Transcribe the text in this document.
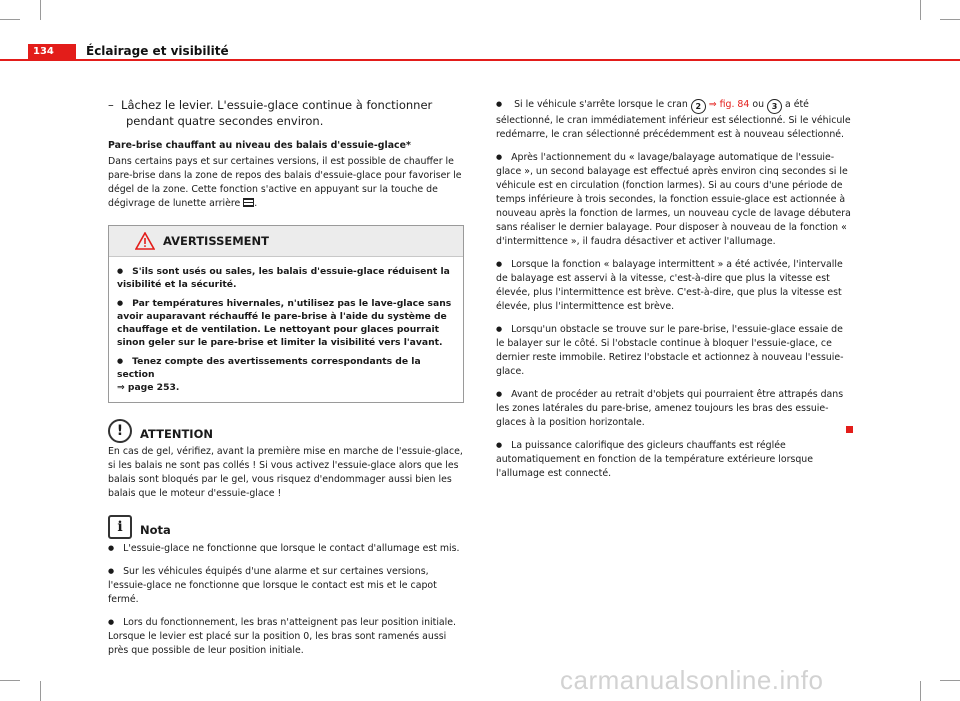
134	Éclairage et visibilité

–  Lâchez le levier. L'essuie-glace continue à fonctionner pendant quatre secondes environ.

Pare-brise chauffant au niveau des balais d'essuie-glace*

Dans certains pays et sur certaines versions, il est possible de chauffer le pare-brise dans la zone de repos des balais d'essuie-glace pour favoriser le dégel de la zone. Cette fonction s'active en appuyant sur la touche de dégivrage de lunette arrière .

AVERTISSEMENT

● S'ils sont usés ou sales, les balais d'essuie-glace réduisent la visibilité et la sécurité.

● Par températures hivernales, n'utilisez pas le lave-glace sans avoir auparavant réchauffé le pare-brise à l'aide du système de chauffage et de ventilation. Le nettoyant pour glaces pourrait sinon geler sur le pare-brise et limiter la visibilité vers l'avant.

● Tenez compte des avertissements correspondants de la section
⇒ page 253.

!	ATTENTION

En cas de gel, vérifiez, avant la première mise en marche de l'essuie-glace, si les balais ne sont pas collés ! Si vous activez l'essuie-glace alors que les balais sont bloqués par le gel, vous risquez d'endommager aussi bien les balais que le moteur d'essuie-glace !

i	Nota

● L'essuie-glace ne fonctionne que lorsque le contact d'allumage est mis.

● Sur les véhicules équipés d'une alarme et sur certaines versions, l'essuie-glace ne fonctionne que lorsque le contact est mis et le capot fermé.

● Lors du fonctionnement, les bras n'atteignent pas leur position initiale. Lorsque le levier est placé sur la position 0, les bras sont ramenés aussi près que possible de leur position initiale.

● Si le véhicule s'arrête lorsque le cran 2 ⇒ fig. 84 ou 3 a été sélectionné, le cran immédiatement inférieur est sélectionné. Si le véhicule redémarre, le cran sélectionné précédemment est à nouveau sélectionné.

● Après l'actionnement du « lavage/balayage automatique de l'essuie-glace », un second balayage est effectué après environ cinq secondes si le véhicule est en circulation (fonction larmes). Si au cours d'une période de temps inférieure à trois secondes, la fonction essuie-glace est actionnée à nouveau après la fonction de larmes, un nouveau cycle de lavage débutera sans réaliser le dernier balayage. Pour disposer à nouveau de la fonction « d'intermittence », il faudra désactiver et activer l'allumage.

● Lorsque la fonction « balayage intermittent » a été activée, l'intervalle de balayage est asservi à la vitesse, c'est-à-dire que plus la vitesse est élevée, plus l'intermittence est brève. C'est-à-dire, que plus la vitesse est élevée, plus l'intermittence est brève.

● Lorsqu'un obstacle se trouve sur le pare-brise, l'essuie-glace essaie de le balayer sur le côté. Si l'obstacle continue à bloquer l'essuie-glace, ce dernier reste immobile. Retirez l'obstacle et actionnez à nouveau l'essuie-glace.

● Avant de procéder au retrait d'objets qui pourraient être attrapés dans les zones latérales du pare-brise, amenez toujours les bras des essuie-glaces à la position horizontale.

● La puissance calorifique des gicleurs chauffants est réglée automatiquement en fonction de la température extérieure lorsque l'allumage est connecté.

carmanualsonline.info
